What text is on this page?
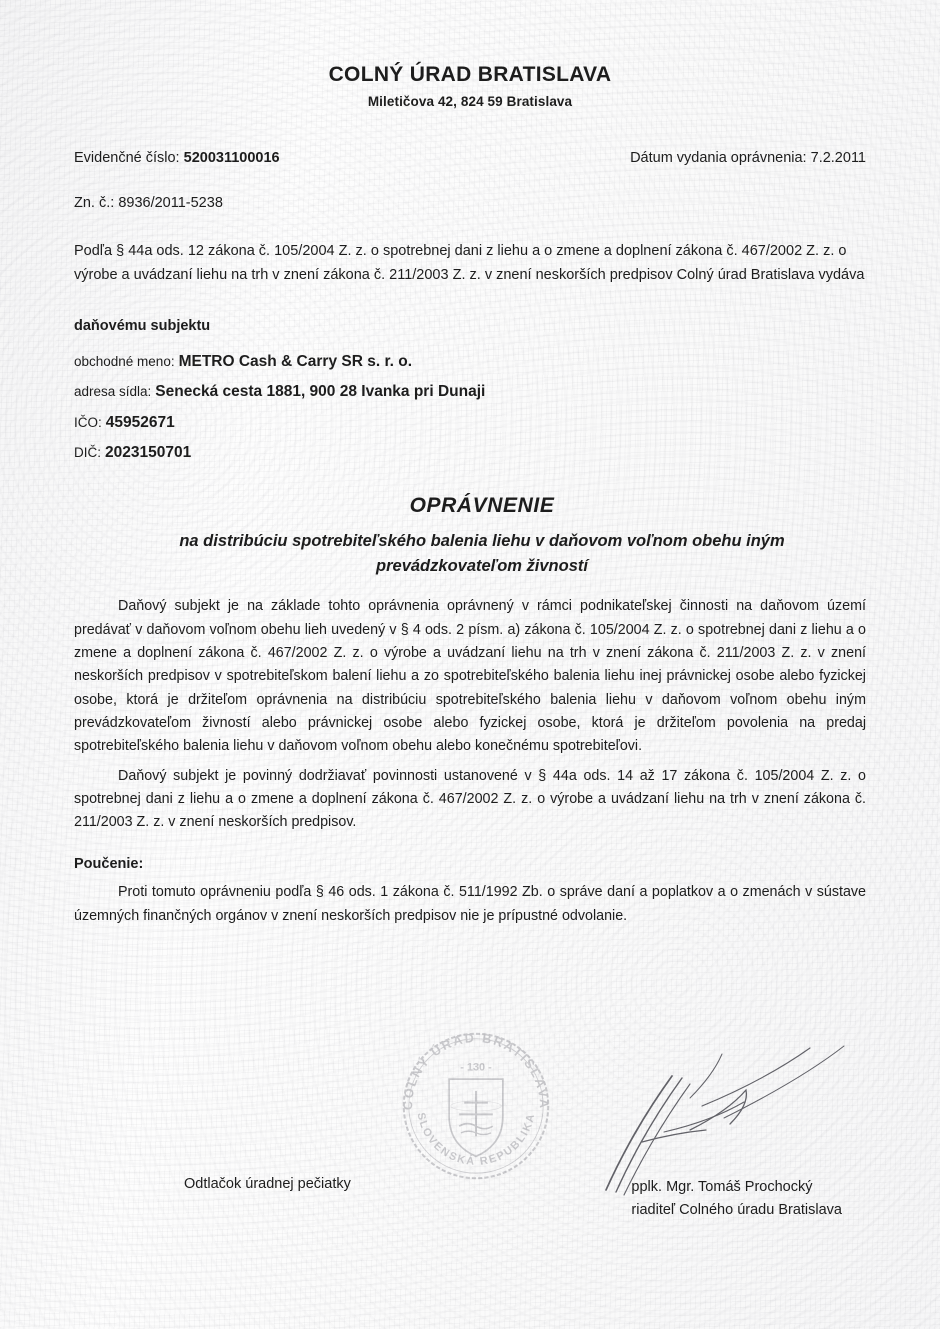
COLNÝ ÚRAD BRATISLAVA
Miletičova 42, 824 59 Bratislava
Evidenčné číslo: 520031100016	Dátum vydania oprávnenia: 7.2.2011
Zn. č.: 8936/2011-5238
Podľa § 44a ods. 12 zákona č. 105/2004 Z. z. o spotrebnej dani z liehu a o zmene a doplnení zákona č. 467/2002 Z. z. o výrobe a uvádzaní liehu na trh v znení zákona č. 211/2003 Z. z. v znení neskorších predpisov Colný úrad Bratislava vydáva
daňovému subjektu
obchodné meno: METRO Cash & Carry SR s. r. o.
adresa sídla: Senecká cesta 1881, 900 28 Ivanka pri Dunaji
IČO: 45952671
DIČ: 2023150701
OPRÁVNENIE
na distribúciu spotrebiteľského balenia liehu v daňovom voľnom obehu iným prevádzkovateľom živností

Daňový subjekt je na základe tohto oprávnenia oprávnený v rámci podnikateľskej činnosti na daňovom území predávať v daňovom voľnom obehu lieh uvedený v § 4 ods. 2 písm. a) zákona č. 105/2004 Z. z. o spotrebnej dani z liehu a o zmene a doplnení zákona č. 467/2002 Z. z. o výrobe a uvádzaní liehu na trh v znení zákona č. 211/2003 Z. z. v znení neskorších predpisov v spotrebiteľskom balení liehu a zo spotrebiteľského balenia liehu inej právnickej osobe alebo fyzickej osobe, ktorá je držiteľom oprávnenia na distribúciu spotrebiteľského balenia liehu v daňovom voľnom obehu iným prevádzkovateľom živností alebo právnickej osobe alebo fyzickej osobe, ktorá je držiteľom povolenia na predaj spotrebiteľského balenia liehu v daňovom voľnom obehu alebo konečnému spotrebiteľovi.

Daňový subjekt je povinný dodržiavať povinnosti ustanovené v § 44a ods. 14 až 17 zákona č. 105/2004 Z. z. o spotrebnej dani z liehu a o zmene a doplnení zákona č. 467/2002 Z. z. o výrobe a uvádzaní liehu na trh v znení zákona č. 211/2003 Z. z. v znení neskorších predpisov.

Poučenie:

Proti tomuto oprávneniu podľa § 46 ods. 1 zákona č. 511/1992 Zb. o správe daní a poplatkov a o zmenách v sústave územných finančných orgánov v znení neskorších predpisov nie je prípustné odvolanie.

COLNÝ ÚRAD BRATISLAVA
SLOVENSKÁ REPUBLIKA
- 130 -
Odtlačok úradnej pečiatky	pplk. Mgr. Tomáš Prochocký
riaditeľ Colného úradu Bratislava
